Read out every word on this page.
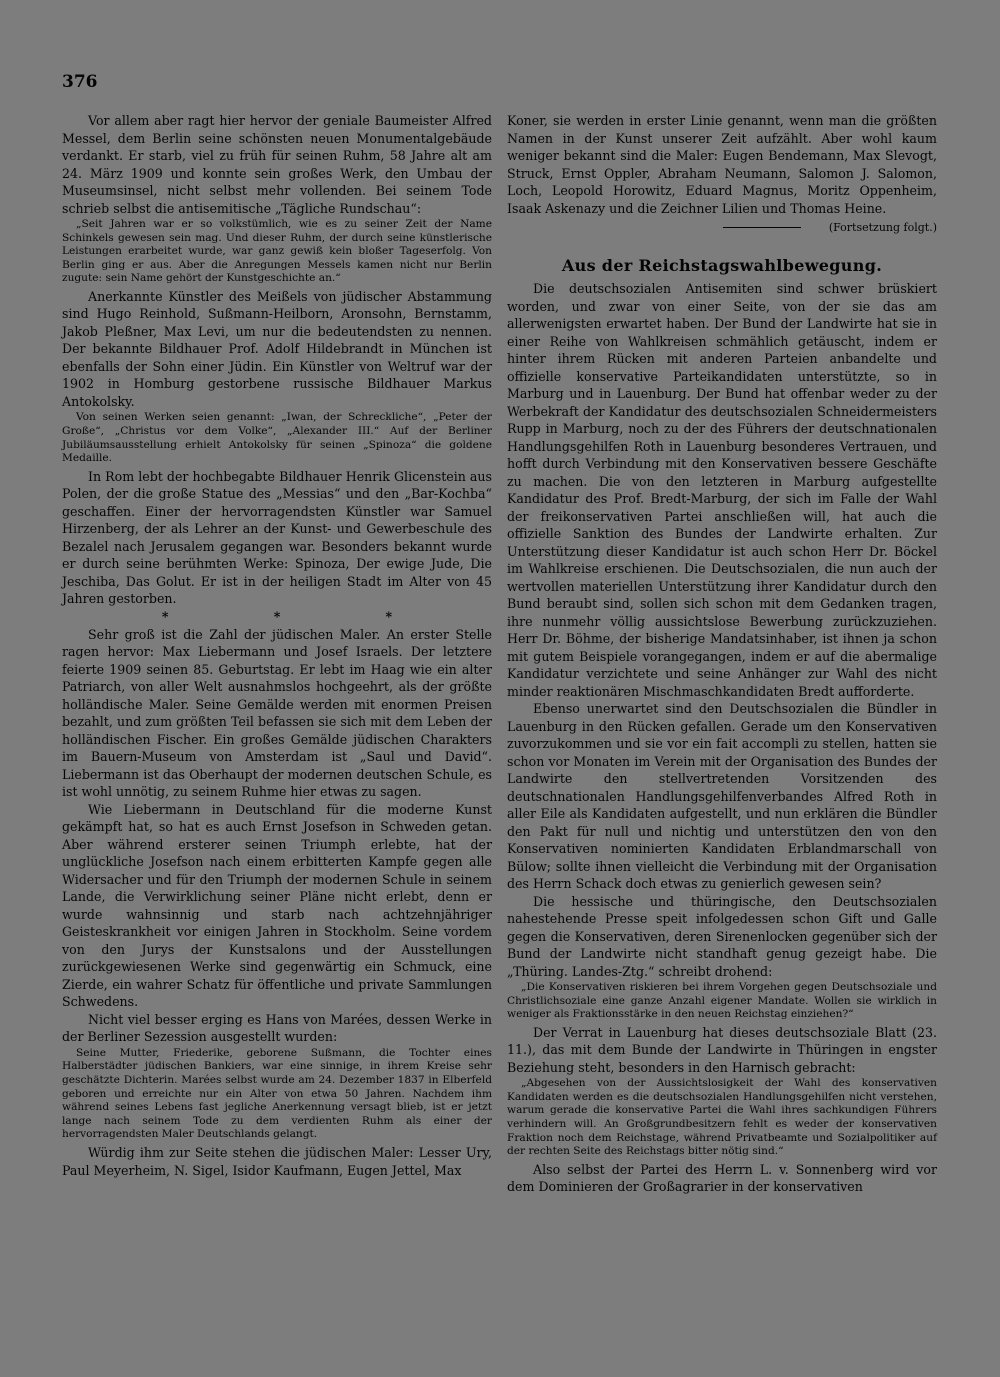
376

Vor allem aber ragt hier hervor der geniale Baumeister Alfred Messel, dem Berlin seine schönsten neuen Monumentalgebäude verdankt. Er starb, viel zu früh für seinen Ruhm, 58 Jahre alt am 24. März 1909 und konnte sein großes Werk, den Umbau der Museumsinsel, nicht selbst mehr vollenden. Bei seinem Tode schrieb selbst die antisemitische „Tägliche Rundschau“:

„Seit Jahren war er so volkstümlich, wie es zu seiner Zeit der Name Schinkels gewesen sein mag. Und dieser Ruhm, der durch seine künstlerische Leistungen erarbeitet wurde, war ganz gewiß kein bloßer Tageserfolg. Von Berlin ging er aus. Aber die Anregungen Messels kamen nicht nur Berlin zugute: sein Name gehört der Kunstgeschichte an.“

Anerkannte Künstler des Meißels von jüdischer Abstammung sind Hugo Reinhold, Sußmann-Heilborn, Aronsohn, Bernstamm, Jakob Pleßner, Max Levi, um nur die bedeutendsten zu nennen. Der bekannte Bildhauer Prof. Adolf Hildebrandt in München ist ebenfalls der Sohn einer Jüdin. Ein Künstler von Weltruf war der 1902 in Homburg gestorbene russische Bildhauer Markus Antokolsky.

Von seinen Werken seien genannt: „Iwan, der Schreckliche“, „Peter der Große“, „Christus vor dem Volke“, „Alexander III.“ Auf der Berliner Jubiläumsausstellung erhielt Antokolsky für seinen „Spinoza“ die goldene Medaille.

In Rom lebt der hochbegabte Bildhauer Henrik Glicenstein aus Polen, der die große Statue des „Messias“ und den „Bar-Kochba“ geschaffen. Einer der hervorragendsten Künstler war Samuel Hirzenberg, der als Lehrer an der Kunst- und Gewerbeschule des Bezalel nach Jerusalem gegangen war. Besonders bekannt wurde er durch seine berühmten Werke: Spinoza, Der ewige Jude, Die Jeschiba, Das Golut. Er ist in der heiligen Stadt im Alter von 45 Jahren gestorben.

* * *

Sehr groß ist die Zahl der jüdischen Maler. An erster Stelle ragen hervor: Max Liebermann und Josef Israels. Der letztere feierte 1909 seinen 85. Geburtstag. Er lebt im Haag wie ein alter Patriarch, von aller Welt ausnahmslos hochgeehrt, als der größte holländische Maler. Seine Gemälde werden mit enormen Preisen bezahlt, und zum größten Teil befassen sie sich mit dem Leben der holländischen Fischer. Ein großes Gemälde jüdischen Charakters im Bauern-Museum von Amsterdam ist „Saul und David“. Liebermann ist das Oberhaupt der modernen deutschen Schule, es ist wohl unnötig, zu seinem Ruhme hier etwas zu sagen.

Wie Liebermann in Deutschland für die moderne Kunst gekämpft hat, so hat es auch Ernst Josefson in Schweden getan. Aber während ersterer seinen Triumph erlebte, hat der unglückliche Josefson nach einem erbitterten Kampfe gegen alle Widersacher und für den Triumph der modernen Schule in seinem Lande, die Verwirklichung seiner Pläne nicht erlebt, denn er wurde wahnsinnig und starb nach achtzehnjähriger Geisteskrankheit vor einigen Jahren in Stockholm. Seine vordem von den Jurys der Kunstsalons und der Ausstellungen zurückgewiesenen Werke sind gegenwärtig ein Schmuck, eine Zierde, ein wahrer Schatz für öffentliche und private Sammlungen Schwedens.

Nicht viel besser erging es Hans von Marées, dessen Werke in der Berliner Sezession ausgestellt wurden:

Seine Mutter, Friederike, geborene Sußmann, die Tochter eines Halberstädter jüdischen Bankiers, war eine sinnige, in ihrem Kreise sehr geschätzte Dichterin. Marées selbst wurde am 24. Dezember 1837 in Elberfeld geboren und erreichte nur ein Alter von etwa 50 Jahren. Nachdem ihm während seines Lebens fast jegliche Anerkennung versagt blieb, ist er jetzt lange nach seinem Tode zu dem verdienten Ruhm als einer der hervorragendsten Maler Deutschlands gelangt.

Würdig ihm zur Seite stehen die jüdischen Maler: Lesser Ury, Paul Meyerheim, N. Sigel, Isidor Kaufmann, Eugen Jettel, Max

Koner, sie werden in erster Linie genannt, wenn man die größten Namen in der Kunst unserer Zeit aufzählt. Aber wohl kaum weniger bekannt sind die Maler: Eugen Bendemann, Max Slevogt, Struck, Ernst Oppler, Abraham Neumann, Salomon J. Salomon, Loch, Leopold Horowitz, Eduard Magnus, Moritz Oppenheim, Isaak Askenazy und die Zeichner Lilien und Thomas Heine.

(Fortsetzung folgt.)
Aus der Reichstagswahlbewegung.

Die deutschsozialen Antisemiten sind schwer brüskiert worden, und zwar von einer Seite, von der sie das am allerwenigsten erwartet haben. Der Bund der Landwirte hat sie in einer Reihe von Wahlkreisen schmählich getäuscht, indem er hinter ihrem Rücken mit anderen Parteien anbandelte und offizielle konservative Parteikandidaten unterstützte, so in Marburg und in Lauenburg. Der Bund hat offenbar weder zu der Werbekraft der Kandidatur des deutschsozialen Schneidermeisters Rupp in Marburg, noch zu der des Führers der deutschnationalen Handlungsgehilfen Roth in Lauenburg besonderes Vertrauen, und hofft durch Verbindung mit den Konservativen bessere Geschäfte zu machen. Die von den letzteren in Marburg aufgestellte Kandidatur des Prof. Bredt-Marburg, der sich im Falle der Wahl der freikonservativen Partei anschließen will, hat auch die offizielle Sanktion des Bundes der Landwirte erhalten. Zur Unterstützung dieser Kandidatur ist auch schon Herr Dr. Böckel im Wahlkreise erschienen. Die Deutschsozialen, die nun auch der wertvollen materiellen Unterstützung ihrer Kandidatur durch den Bund beraubt sind, sollen sich schon mit dem Gedanken tragen, ihre nunmehr völlig aussichtslose Bewerbung zurückzuziehen. Herr Dr. Böhme, der bisherige Mandatsinhaber, ist ihnen ja schon mit gutem Beispiele vorangegangen, indem er auf die abermalige Kandidatur verzichtete und seine Anhänger zur Wahl des nicht minder reaktionären Mischmaschkandidaten Bredt aufforderte.

Ebenso unerwartet sind den Deutschsozialen die Bündler in Lauenburg in den Rücken gefallen. Gerade um den Konservativen zuvorzukommen und sie vor ein fait accompli zu stellen, hatten sie schon vor Monaten im Verein mit der Organisation des Bundes der Landwirte den stellvertretenden Vorsitzenden des deutschnationalen Handlungsgehilfenverbandes Alfred Roth in aller Eile als Kandidaten aufgestellt, und nun erklären die Bündler den Pakt für null und nichtig und unterstützen den von den Konservativen nominierten Kandidaten Erblandmarschall von Bülow; sollte ihnen vielleicht die Verbindung mit der Organisation des Herrn Schack doch etwas zu genierlich gewesen sein?

Die hessische und thüringische, den Deutschsozialen nahestehende Presse speit infolgedessen schon Gift und Galle gegen die Konservativen, deren Sirenenlocken gegenüber sich der Bund der Landwirte nicht standhaft genug gezeigt habe. Die „Thüring. Landes-Ztg.“ schreibt drohend:

„Die Konservativen riskieren bei ihrem Vorgehen gegen Deutschsoziale und Christlichsoziale eine ganze Anzahl eigener Mandate. Wollen sie wirklich in weniger als Fraktionsstärke in den neuen Reichstag einziehen?“

Der Verrat in Lauenburg hat dieses deutschsoziale Blatt (23. 11.), das mit dem Bunde der Landwirte in Thüringen in engster Beziehung steht, besonders in den Harnisch gebracht:

„Abgesehen von der Aussichtslosigkeit der Wahl des konservativen Kandidaten werden es die deutschsozialen Handlungsgehilfen nicht verstehen, warum gerade die konservative Partei die Wahl ihres sachkundigen Führers verhindern will. An Großgrundbesitzern fehlt es weder der konservativen Fraktion noch dem Reichstage, während Privatbeamte und Sozialpolitiker auf der rechten Seite des Reichstags bitter nötig sind.“

Also selbst der Partei des Herrn L. v. Sonnenberg wird vor dem Dominieren der Großagrarier in der konservativen
